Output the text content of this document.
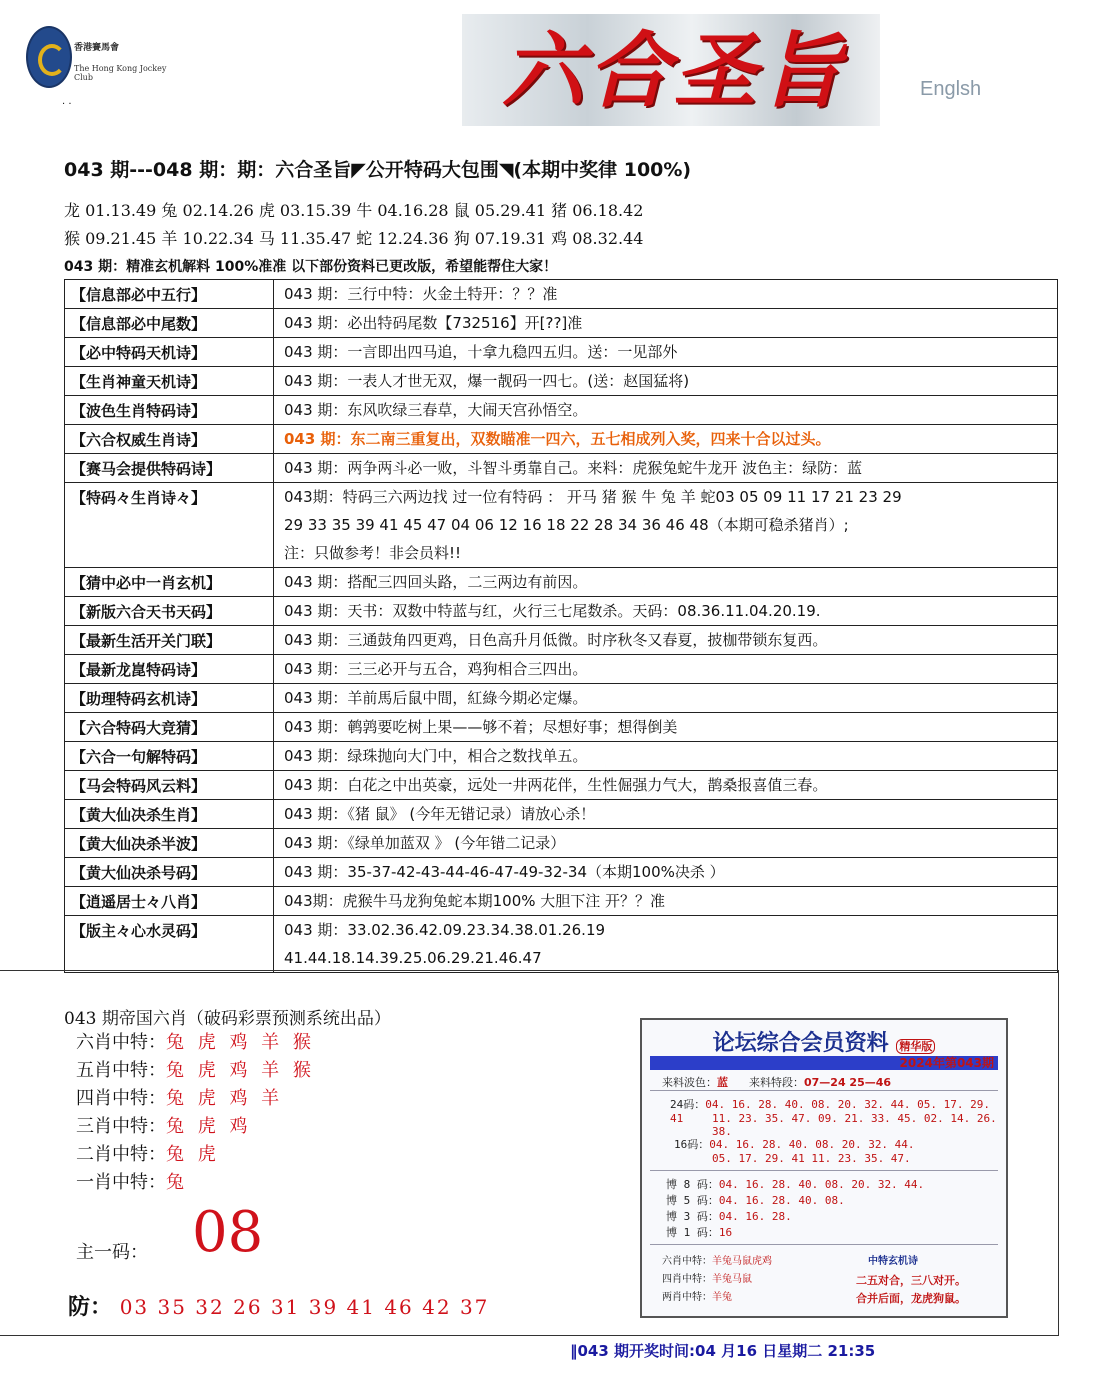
香港賽馬會
The Hong Kong Jockey Club
. .	六合圣旨	Englsh
043 期---048 期：期：六合圣旨◤公开特码大包围◥(本期中奖律 100%)
龙 01.13.49 兔 02.14.26 虎 03.15.39 牛 04.16.28 鼠 05.29.41 猪 06.18.42
猴 09.21.45 羊 10.22.34 马 11.35.47 蛇 12.24.36 狗 07.19.31 鸡 08.32.44
043 期：精准玄机解料 100%准准 以下部份资料已更改版，希望能帮住大家！
【信息部必中五行】	043 期：三行中特：火金土特开：？？准

【信息部必中尾数】	043 期：必出特码尾数【732516】开[??]准

【必中特码天机诗】	043 期：一言即出四马追，十拿九稳四五归。送：一见部外

【生肖神童天机诗】	043 期：一表人才世无双，爆一靓码一四七。(送：赵国猛将)

【波色生肖特码诗】	043 期：东风吹绿三春草，大闹天宫孙悟空。

【六合权威生肖诗】	043 期：东二南三重复出，双数瞄准一四六，五七相成列入奖，四来十合以过头。

【赛马会提供特码诗】	043 期：两争两斗必一败，斗智斗勇靠自己。来料：虎猴兔蛇牛龙开 波色主：绿防：蓝

【特码々生肖诗々】	043期：特码三六两边找 过一位有特码 ： 开马 猪 猴 牛 兔 羊 蛇03 05 09 11 17 21 23 29
29 33 35 39 41 45 47 04 06 12 16 18 22 28 34 36 46 48（本期可稳杀猪肖）;
注：只做参考！非会员料!!

【猜中必中一肖玄机】	043 期：搭配三四回头路，二三两边有前因。

【新版六合天书天码】	043 期：天书：双数中特蓝与红，火行三七尾数杀。天码：08.36.11.04.20.19.

【最新生活开关门联】	043 期：三通鼓角四更鸡，日色高升月低微。时序秋冬又春夏，披枷带锁东复西。

【最新龙崑特码诗】	043 期：三三必开与五合，鸡狗相合三四出。

【助理特码玄机诗】	043 期：羊前馬后鼠中間，紅綠今期必定爆。

【六合特码大竞猜】	043 期：鹌鹑要吃树上果——够不着；尽想好事；想得倒美

【六合一句解特码】	043 期：绿珠抛向大门中，相合之数找单五。

【马会特码风云料】	043 期：白花之中出英豪，远处一井两花伴，生性倔强力气大，鹊桑报喜值三春。

【黄大仙决杀生肖】	043 期：《猪 鼠》 (今年无错记录）请放心杀！

【黄大仙决杀半波】	043 期：《绿单加蓝双 》 (今年错二记录）

【黄大仙决杀号码】	043 期：35-37-42-43-44-46-47-49-32-34（本期100%决杀 ）

【逍遥居士々八肖】	043期：虎猴牛马龙狗兔蛇本期100% 大胆下注 开？？准

【版主々心水灵码】	043 期：33.02.36.42.09.23.34.38.01.26.19
41.44.18.14.39.25.06.29.21.46.47
043 期帝国六肖（破码彩票预测系统出品）
六肖中特：兔 虎 鸡 羊 猴
五肖中特：兔 虎 鸡 羊 猴
四肖中特：兔 虎 鸡 羊
三肖中特：兔 虎 鸡
二肖中特：兔 虎
一肖中特：兔
主一码： 08
防： 03 35 32 26 31 39 41 46 42 37
论坛综合会员资料 精华版
2024年第043期
来料波色：蓝 来料特段：07—24 25—46
24码：04. 16. 28. 40. 08. 20. 32. 44. 05. 17. 29. 41	11. 23. 35. 47. 09. 21. 33. 45. 02. 14. 26. 38.
16码：04. 16. 28. 40. 08. 20. 32. 44.
05. 17. 29. 41 11. 23. 35. 47.
博 8 码：04. 16. 28. 40. 08. 20. 32. 44.
博 5 码：04. 16. 28. 40. 08.
博 3 码：04. 16. 28.
博 1 码：16
六肖中特：羊兔马鼠虎鸡
四肖中特：羊兔马鼠
两肖中特：羊兔
中特玄机诗
二五对合，三八对开。
合并后面，龙虎狗鼠。
‖043 期开奖时间:04 月16 日星期二 21:35
